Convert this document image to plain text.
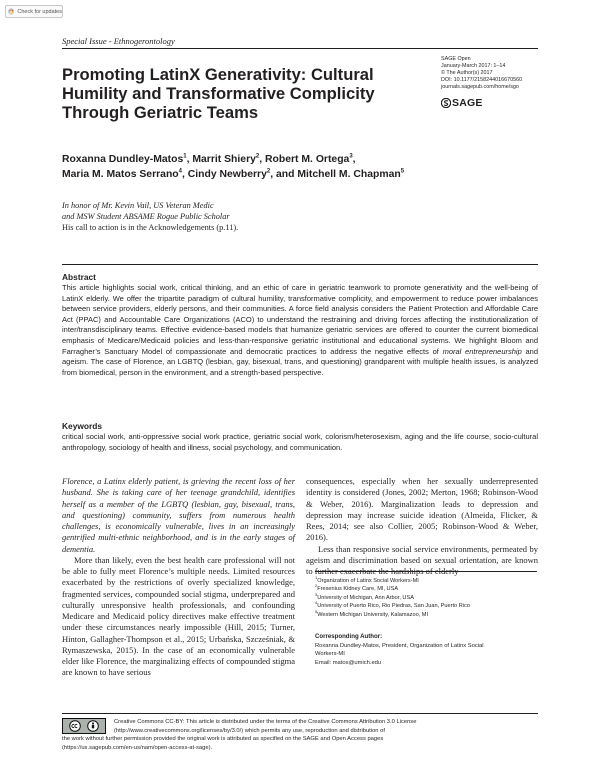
Check for updates
Special Issue - Ethnogerontology
SAGE Open
January-March 2017: 1–14
© The Author(s) 2017
DOI: 10.1177/2158244016670560
journals.sagepub.com/home/sgo
SAGE
Promoting LatinX Generativity: Cultural Humility and Transformative Complicity Through Geriatric Teams
Roxanna Dundley-Matos$^1$, Marrit Shiery$^2$, Robert M. Ortega$^3$,
Maria M. Matos Serrano$^4$, Cindy Newberry$^2$, and Mitchell M. Chapman$^5$
In honor of Mr. Kevin Vail, US Veteran Medic
and MSW Student ABSAME Rogue Public Scholar
His call to action is in the Acknowledgements (p.11).
Abstract

This article highlights social work, critical thinking, and an ethic of care in geriatric teamwork to promote generativity and the well-being of LatinX elderly. We offer the tripartite paradigm of cultural humility, transformative complicity, and empowerment to reduce power imbalances between service providers, elderly persons, and their communities. A force field analysis considers the Patient Protection and Affordable Care Act (PPAC) and Accountable Care Organizations (ACO) to understand the restraining and driving forces affecting the institutionalization of inter/transdisciplinary teams. Effective evidence-based models that humanize geriatric services are offered to counter the current biomedical emphasis of Medicare/Medicaid policies and less-than-responsive geriatric institutional and educational systems. We highlight Bloom and Farragher’s Sanctuary Model of compassionate and democratic practices to address the negative effects of moral entrepreneurship and ageism. The case of Florence, an LGBTQ (lesbian, gay, bisexual, trans, and questioning) grandparent with multiple health issues, is analyzed from biomedical, person in the environment, and a strength-based perspective.

Keywords

critical social work, anti-oppressive social work practice, geriatric social work, colorism/heterosexism, aging and the life course, socio-cultural anthropology, sociology of health and illness, social psychology, and communication.

Florence, a Latinx elderly patient, is grieving the recent loss of her husband. She is taking care of her teenage grandchild, identifies herself as a member of the LGBTQ (lesbian, gay, bisexual, trans, and questioning) community, suffers from numerous health challenges, is economically vulnerable, lives in an increasingly gentrified multi-ethnic neighborhood, and is in the early stages of dementia.

More than likely, even the best health care professional will not be able to fully meet Florence’s multiple needs. Limited resources exacerbated by the restrictions of overly specialized knowledge, fragmented services, compounded social stigma, underprepared and culturally unresponsive health professionals, and confounding Medicare and Medicaid policy directives make effective treatment under these circumstances nearly impossible (Hill, 2015; Turner, Hinton, Gallagher-Thompson et al., 2015; Urbańska, Szcześniak, & Rymaszewska, 2015). In the case of an economically vulnerable elder like Florence, the marginalizing effects of compounded stigma are known to have serious

consequences, especially when her sexually underrepresented identity is considered (Jones, 2002; Merton, 1968; Robinson-Wood & Weber, 2016). Marginalization leads to depression and depression may increase suicide ideation (Almeida, Flicker, & Rees, 2014; see also Collier, 2005; Robinson-Wood & Weber, 2016).

Less than responsive social service environments, permeated by ageism and discrimination based on sexual orientation, are known to further exacerbate the hardships of elderly

$^1$Organization of Latinx Social Workers-MI
$^2$Fresenius Kidney Care, MI, USA
$^3$University of Michigan, Ann Arbor, USA
$^4$University of Puerto Rico, Rio Piedras, San Juan, Puerto Rico
$^5$Western Michigan University, Kalamazoo, MI
Corresponding Author:
Roxanna Dundley-Matos, President, Organization of Latinx Social
Workers-MI
Email: matos@umich.edu
Creative Commons CC-BY: This article is distributed under the terms of the Creative Commons Attribution 3.0 License
(http://www.creativecommons.org/licenses/by/3.0/) which permits any use, reproduction and distribution of
the work without further permission provided the original work is attributed as specified on the SAGE and Open Access pages
(https://us.sagepub.com/en-us/nam/open-access-at-sage).
